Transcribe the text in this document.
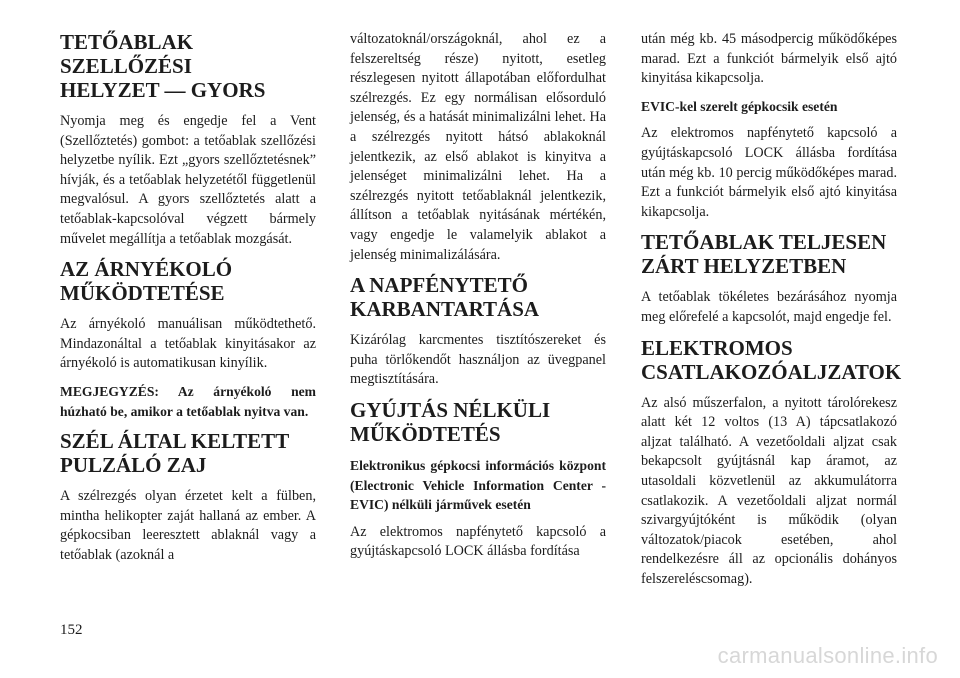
TETŐABLAK SZELLŐZÉSI
HELYZET — GYORS

Nyomja meg és engedje fel a Vent (Szellőztetés) gombot: a tetőablak szellőzési helyzetbe nyílik. Ezt „gyors szellőztetésnek” hívják, és a tetőablak helyzetétől függetlenül megvalósul. A gyors szellőztetés alatt a tetőablak-kapcsolóval végzett bármely művelet megállítja a tetőablak mozgását.

AZ ÁRNYÉKOLÓ
MŰKÖDTETÉSE

Az árnyékoló manuálisan működtethető. Mindazonáltal a tetőablak kinyitásakor az árnyékoló is automatikusan kinyílik.

MEGJEGYZÉS: Az árnyékoló nem húzható be, amikor a tetőablak nyitva van.

SZÉL ÁLTAL KELTETT
PULZÁLÓ ZAJ

A szélrezgés olyan érzetet kelt a fülben, mintha helikopter zaját hallaná az ember. A gépkocsiban leeresztett ablaknál vagy a tetőablak (azoknál a

változatoknál/országoknál, ahol ez a felszereltség része) nyitott, esetleg részlegesen nyitott állapotában előfordulhat szélrezgés. Ez egy normálisan elősorduló jelenség, és a hatását minimalizálni lehet. Ha a szélrezgés nyitott hátsó ablakoknál jelentkezik, az első ablakot is kinyitva a jelenséget minimalizálni lehet. Ha a szélrezgés nyitott tetőablaknál jelentkezik, állítson a tetőablak nyitásának mértékén, vagy engedje le valamelyik ablakot a jelenség minimalizálására.

A NAPFÉNYTETŐ
KARBANTARTÁSA

Kizárólag karcmentes tisztítószereket és puha törlőkendőt használjon az üvegpanel megtisztítására.

GYÚJTÁS NÉLKÜLI
MŰKÖDTETÉS

Elektronikus gépkocsi információs központ (Electronic Vehicle Information Center - EVIC) nélküli járművek esetén

Az elektromos napfénytető kapcsoló a gyújtáskapcsoló LOCK állásba fordítása

után még kb. 45 másodpercig működőképes marad. Ezt a funkciót bármelyik első ajtó kinyitása kikapcsolja.

EVIC-kel szerelt gépkocsik esetén

Az elektromos napfénytető kapcsoló a gyújtáskapcsoló LOCK állásba fordítása után még kb. 10 percig működőképes marad. Ezt a funkciót bármelyik első ajtó kinyitása kikapcsolja.

TETŐABLAK TELJESEN
ZÁRT HELYZETBEN

A tetőablak tökéletes bezárásához nyomja meg előrefelé a kapcsolót, majd engedje fel.

ELEKTROMOS
CSATLAKOZÓALJZATOK

Az alsó műszerfalon, a nyitott tárolórekesz alatt két 12 voltos (13 A) tápcsatlakozó aljzat található. A vezetőoldali aljzat csak bekapcsolt gyújtásnál kap áramot, az utasoldali közvetlenül az akkumulátorra csatlakozik. A vezetőoldali aljzat normál szivargyújtóként is működik (olyan változatok/piacok esetében, ahol rendelkezésre áll az opcionális dohányos felszereléscsomag).

152
carmanualsonline.info
